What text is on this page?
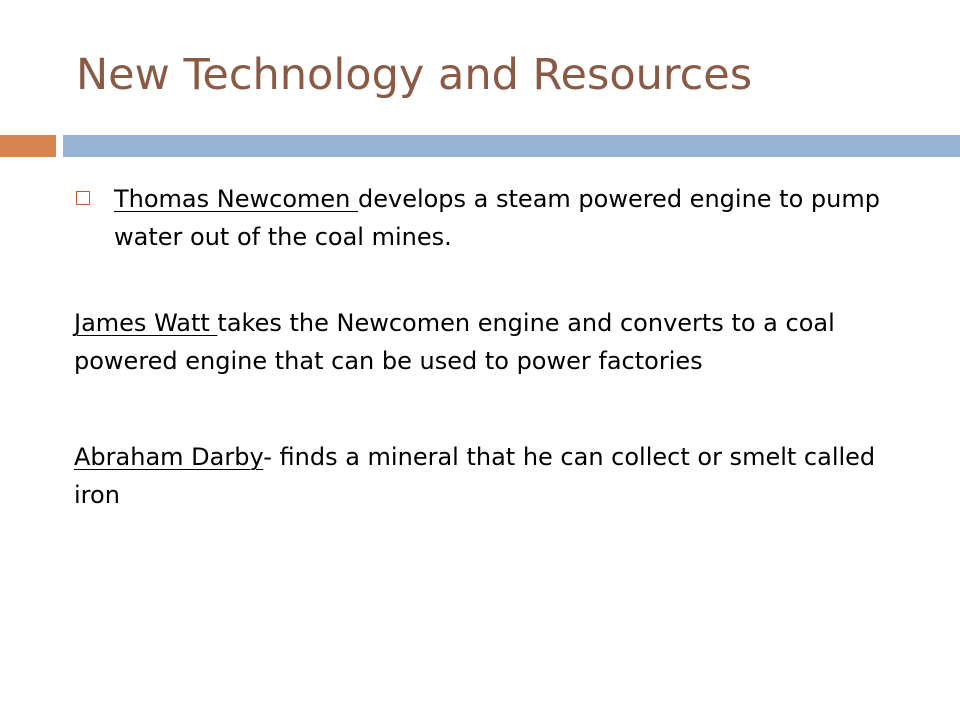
New Technology and Resources
Thomas Newcomen develops a steam powered engine to pump water out of the coal mines.

James Watt takes the Newcomen engine and converts to a coal powered engine that can be used to power factories

Abraham Darby- finds a mineral that he can collect or smelt called iron
